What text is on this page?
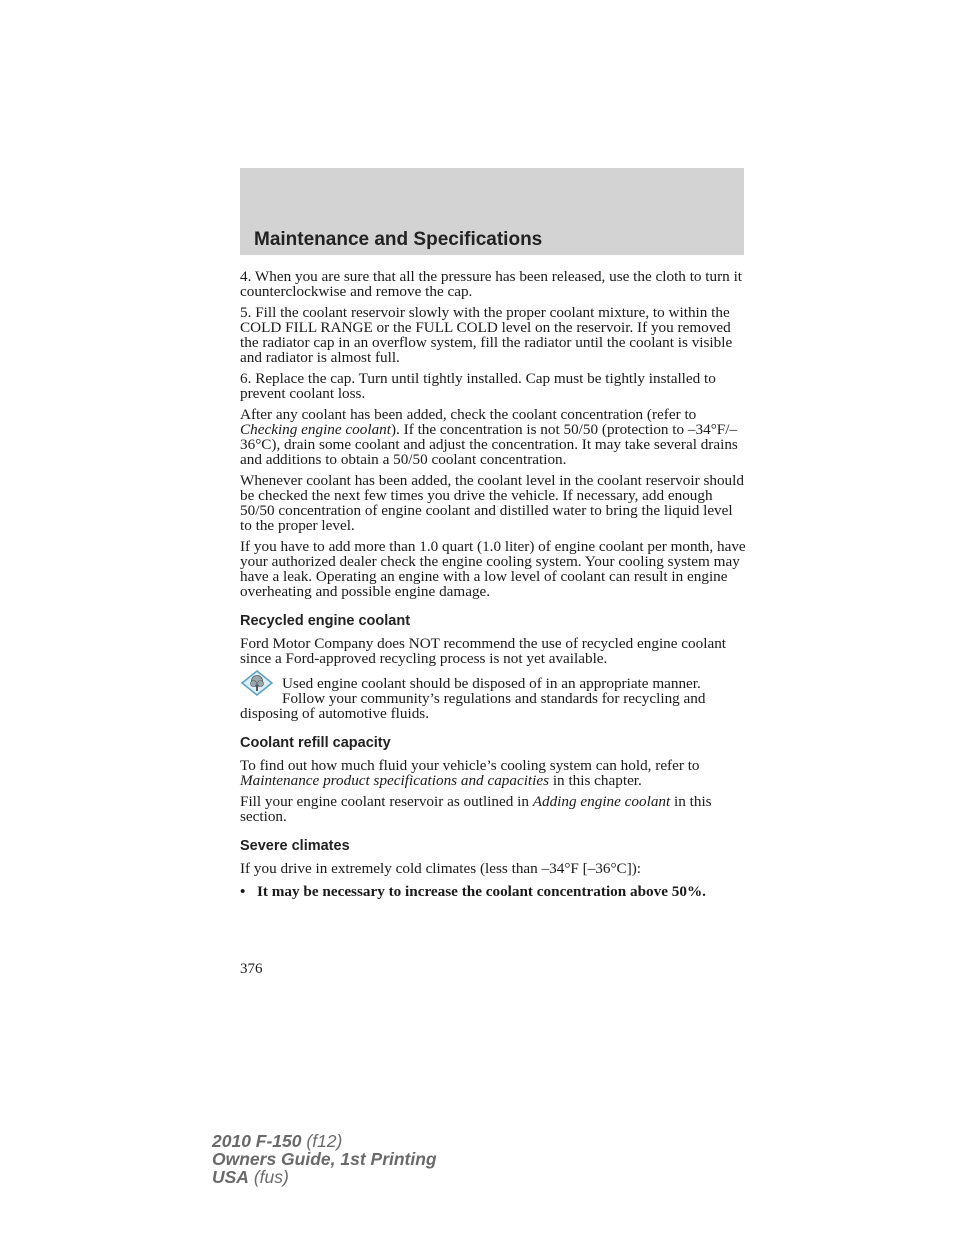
Maintenance and Specifications

4. When you are sure that all the pressure has been released, use the cloth to turn it counterclockwise and remove the cap.

5. Fill the coolant reservoir slowly with the proper coolant mixture, to within the COLD FILL RANGE or the FULL COLD level on the reservoir. If you removed the radiator cap in an overflow system, fill the radiator until the coolant is visible and radiator is almost full.

6. Replace the cap. Turn until tightly installed. Cap must be tightly installed to prevent coolant loss.

After any coolant has been added, check the coolant concentration (refer to Checking engine coolant). If the concentration is not 50/50 (protection to –34°F/–36°C), drain some coolant and adjust the concentration. It may take several drains and additions to obtain a 50/50 coolant concentration.

Whenever coolant has been added, the coolant level in the coolant reservoir should be checked the next few times you drive the vehicle. If necessary, add enough 50/50 concentration of engine coolant and distilled water to bring the liquid level to the proper level.

If you have to add more than 1.0 quart (1.0 liter) of engine coolant per month, have your authorized dealer check the engine cooling system. Your cooling system may have a leak. Operating an engine with a low level of coolant can result in engine overheating and possible engine damage.

Recycled engine coolant

Ford Motor Company does NOT recommend the use of recycled engine coolant since a Ford-approved recycling process is not yet available.

Used engine coolant should be disposed of in an appropriate manner. Follow your community’s regulations and standards for recycling and disposing of automotive fluids.

Coolant refill capacity

To find out how much fluid your vehicle’s cooling system can hold, refer to Maintenance product specifications and capacities in this chapter.

Fill your engine coolant reservoir as outlined in Adding engine coolant in this section.

Severe climates

If you drive in extremely cold climates (less than –34°F [–36°C]):

• It may be necessary to increase the coolant concentration above 50%.

376
2010 F-150 (f12)
Owners Guide, 1st Printing
USA (fus)
